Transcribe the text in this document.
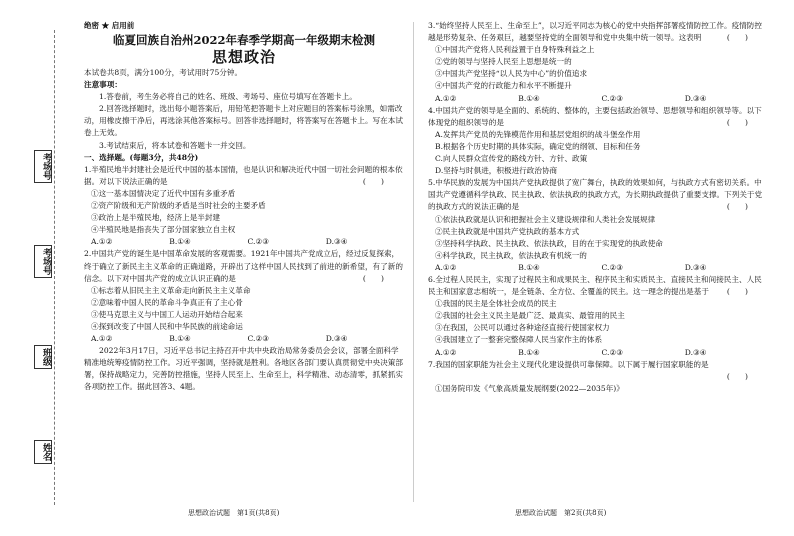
考场号
考场号
班级
姓名
绝密 ★ 启用前
临夏回族自治州2022年春季学期高一年级期末检测
思想政治
本试卷共8页，满分100分，考试用时75分钟。
注意事项：
1.答卷前，考生务必将自己的姓名、班级、考场号、座位号填写在答题卡上。
2.回答选择题时，选出每小题答案后，用铅笔把答题卡上对应题目的答案标号涂黑，如需改动，用橡皮擦干净后，再选涂其他答案标号。回答非选择题时，将答案写在答题卡上。写在本试卷上无效。
3.考试结束后，将本试卷和答题卡一并交回。
一、选择题。(每题3分，共48分)
1.半殖民地半封建社会是近代中国的基本国情，也是认识和解决近代中国一切社会问题的根本依据。对以下说法正确的是	(　　)
①这一基本国情决定了近代中国有多重矛盾
②资产阶级和无产阶级的矛盾是当时社会的主要矛盾
③政治上是半殖民地，经济上是半封建
④半殖民地是指丧失了部分国家独立自主权
A.①②	B.①④	C.②③	D.③④
2.中国共产党的诞生是中国革命发展的客观需要。1921年中国共产党成立后，经过反复探索，终于确立了新民主主义革命的正确道路，开辟出了这样中国人民找到了前进的新希望，有了新的信念。以下对中国共产党的成立认识正确的是	(　　)
①标志着从旧民主主义革命走向新民主主义革命
②意味着中国人民的革命斗争真正有了主心骨
③使马克思主义与中国工人运动开始结合起来
④探到改变了中国人民和中华民族的前途命运
A.①②	B.①④	C.②③	D.③④
2022年3月17日，习近平总书记主持召开中共中央政治局常务委员会会议，部署全面科学精准地统筹疫情防控工作。习近平强调，坚持就是胜利。各地区各部门要认真贯彻党中央决策部署，保持战略定力，完善防控措施，坚持人民至上、生命至上，科学精准、动态清零，抓紧抓实各项防控工作。据此回答3、4题。
3.“始终坚持人民至上、生命至上”，以习近平同志为核心的党中央指挥部署疫情防控工作。疫情防控越是形势复杂、任务艰巨，越要坚持党的全面领导和党中央集中统一领导。这表明	(　　)
①中国共产党将人民利益置于自身特殊利益之上
②党的领导与坚持人民至上思想是统一的
③中国共产党坚持“以人民为中心”的价值追求
④中国共产党的行政能力和水平不断提升
A.①②	B.①④	C.②③	D.③④
4.中国共产党的领导是全面的、系统的、整体的，主要包括政治领导、思想领导和组织领导等。以下体现党的组织领导的是	(　　)
A.发挥共产党员的先锋模范作用和基层党组织的战斗堡垒作用
B.根据各个历史时期的具体实际，确定党的纲领、目标和任务
C.向人民群众宣传党的路线方针、方针、政策
D.坚持与时俱进，积极进行政治协商
5.中华民族的发展为中国共产党执政提供了宽广舞台，执政的效果如何，与执政方式有密切关系。中国共产党遵循科学执政、民主执政、依法执政的执政方式，为长期执政提供了重要支撑。下列关于党的执政方式的说法正确的是	(　　)
①依法执政就是认识和把握社会主义建设规律和人类社会发展规律
②民主执政就是中国共产党执政的基本方式
③坚持科学执政、民主执政、依法执政，目的在于实现党的执政使命
④科学执政，民主执政，依法执政有机统一的
A.①②	B.①④	C.②③	D.③④
6.全过程人民民主，实现了过程民主和成果民主、程序民主和实质民主、直接民主和间接民主、人民民主和国家意志相统一，是全链条、全方位、全覆盖的民主。这一理念的提出是基于 (　　)
①我国的民主是全体社会成员的民主
②我国的社会主义民主是最广泛、最真实、最管用的民主
③在我国，公民可以通过各种途径直接行使国家权力
④我国建立了一整套完整保障人民当家作主的体系
A.①②	B.①④	C.②③	D.③④
7.我国的国家职能为社会主义现代化建设提供可靠保障。以下属于履行国家职能的是
(　　)
①国务院印发《气象高质量发展纲要(2022—2035年)》
思想政治试题　第1页(共8页)	思想政治试题　第2页(共8页)
